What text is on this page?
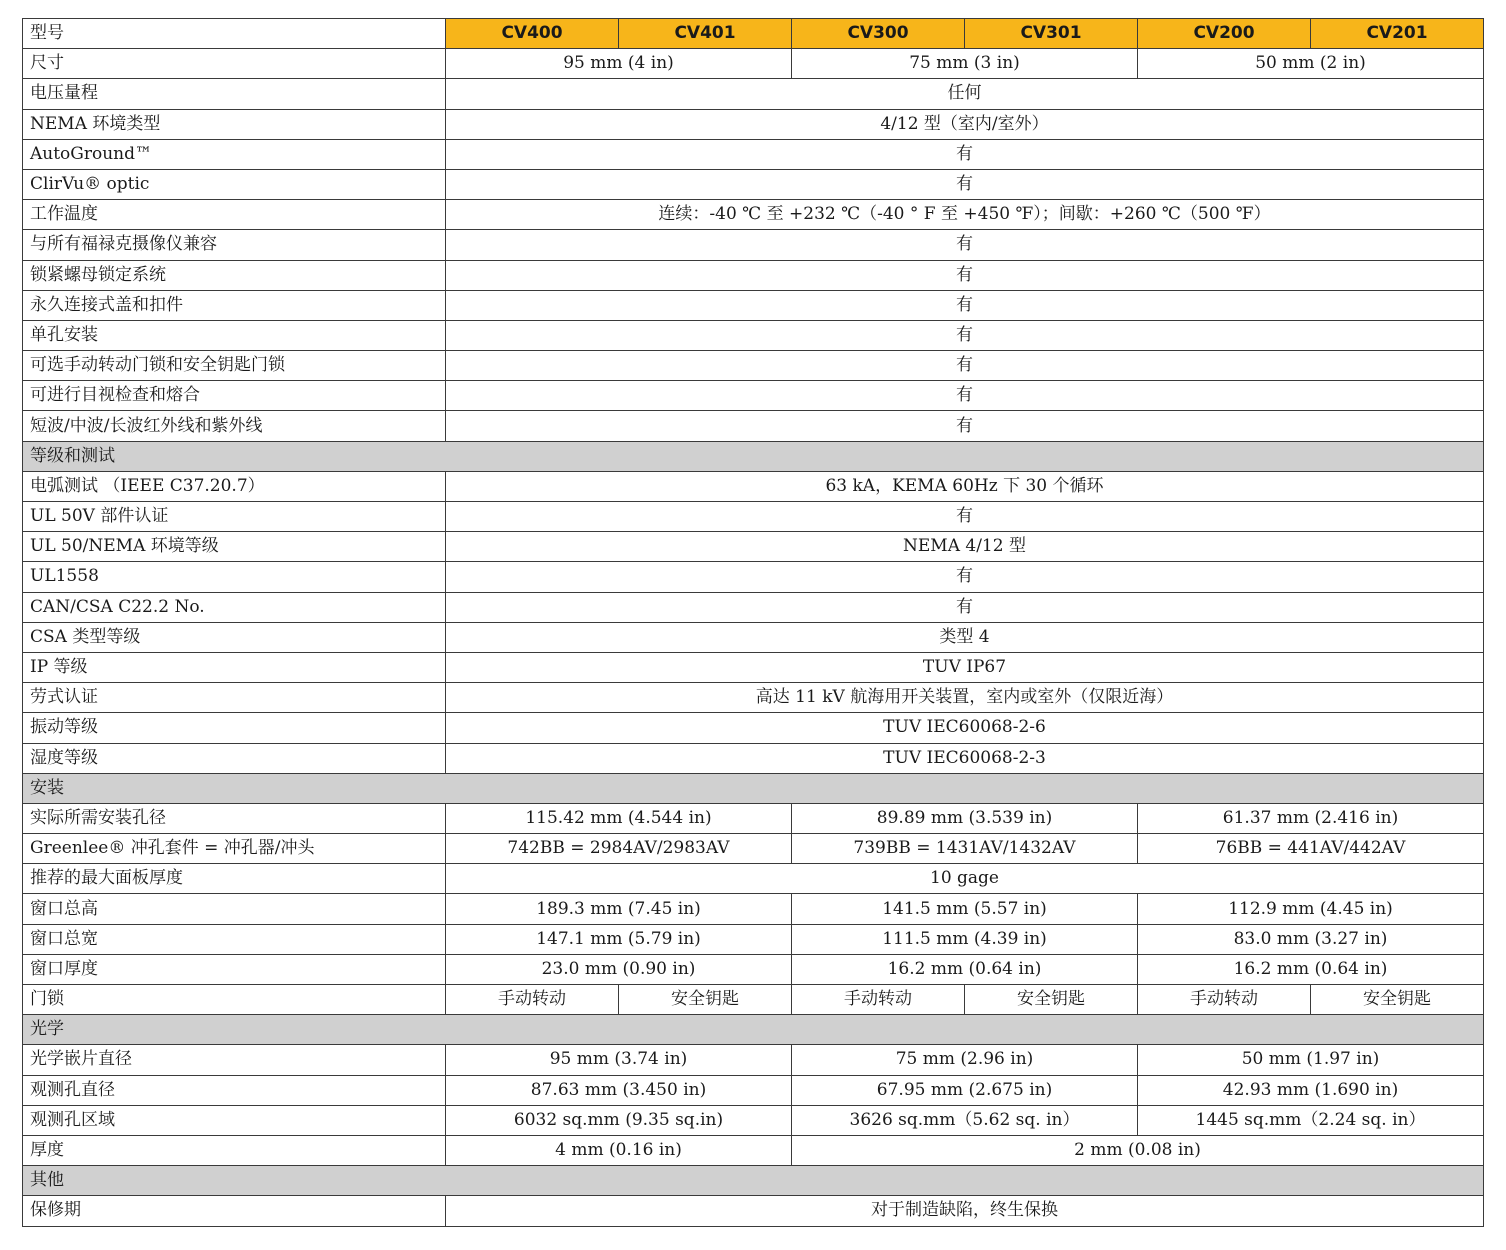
型号	CV400	CV401	CV300	CV301	CV200	CV201
尺寸	95 mm (4 in)		75 mm (3 in)		50 mm (2 in)	
电压量程	任何					
NEMA 环境类型	4/12 型（室内/室外）					
AutoGround™	有					
ClirVu® optic	有					
工作温度	连续：-40 ℃ 至 +232 ℃（-40 ° F 至 +450 ℉）；间歇：+260 ℃（500 ℉）					
与所有福禄克摄像仪兼容	有					
锁紧螺母锁定系统	有					
永久连接式盖和扣件	有					
单孔安装	有					
可选手动转动门锁和安全钥匙门锁	有					
可进行目视检查和熔合	有					
短波/中波/长波红外线和紫外线	有					
等级和测试						
电弧测试 （IEEE C37.20.7）	63 kA，KEMA 60Hz 下 30 个循环					
UL 50V 部件认证	有					
UL 50/NEMA 环境等级	NEMA 4/12 型					
UL1558	有					
CAN/CSA C22.2 No.	有					
CSA 类型等级	类型 4					
IP 等级	TUV IP67					
劳式认证	高达 11 kV 航海用开关装置，室内或室外（仅限近海）					
振动等级	TUV IEC60068-2-6					
湿度等级	TUV IEC60068-2-3					
安装						
实际所需安装孔径	115.42 mm (4.544 in)		89.89 mm (3.539 in)		61.37 mm (2.416 in)	
Greenlee® 冲孔套件 = 冲孔器/冲头	742BB = 2984AV/2983AV		739BB = 1431AV/1432AV		76BB = 441AV/442AV	
推荐的最大面板厚度	10 gage					
窗口总高	189.3 mm (7.45 in)		141.5 mm (5.57 in)		112.9 mm (4.45 in)	
窗口总宽	147.1 mm (5.79 in)		111.5 mm (4.39 in)		83.0 mm (3.27 in)	
窗口厚度	23.0 mm (0.90 in)		16.2 mm (0.64 in)		16.2 mm (0.64 in)	
门锁	手动转动	安全钥匙	手动转动	安全钥匙	手动转动	安全钥匙
光学						
光学嵌片直径	95 mm (3.74 in)		75 mm (2.96 in)		50 mm (1.97 in)	
观测孔直径	87.63 mm (3.450 in)		67.95 mm (2.675 in)		42.93 mm (1.690 in)	
观测孔区域	6032 sq.mm (9.35 sq.in)		3626 sq.mm（5.62 sq. in）		1445 sq.mm（2.24 sq. in）	
厚度	4 mm (0.16 in)		2 mm (0.08 in)			
其他						
保修期	对于制造缺陷，终生保换					
